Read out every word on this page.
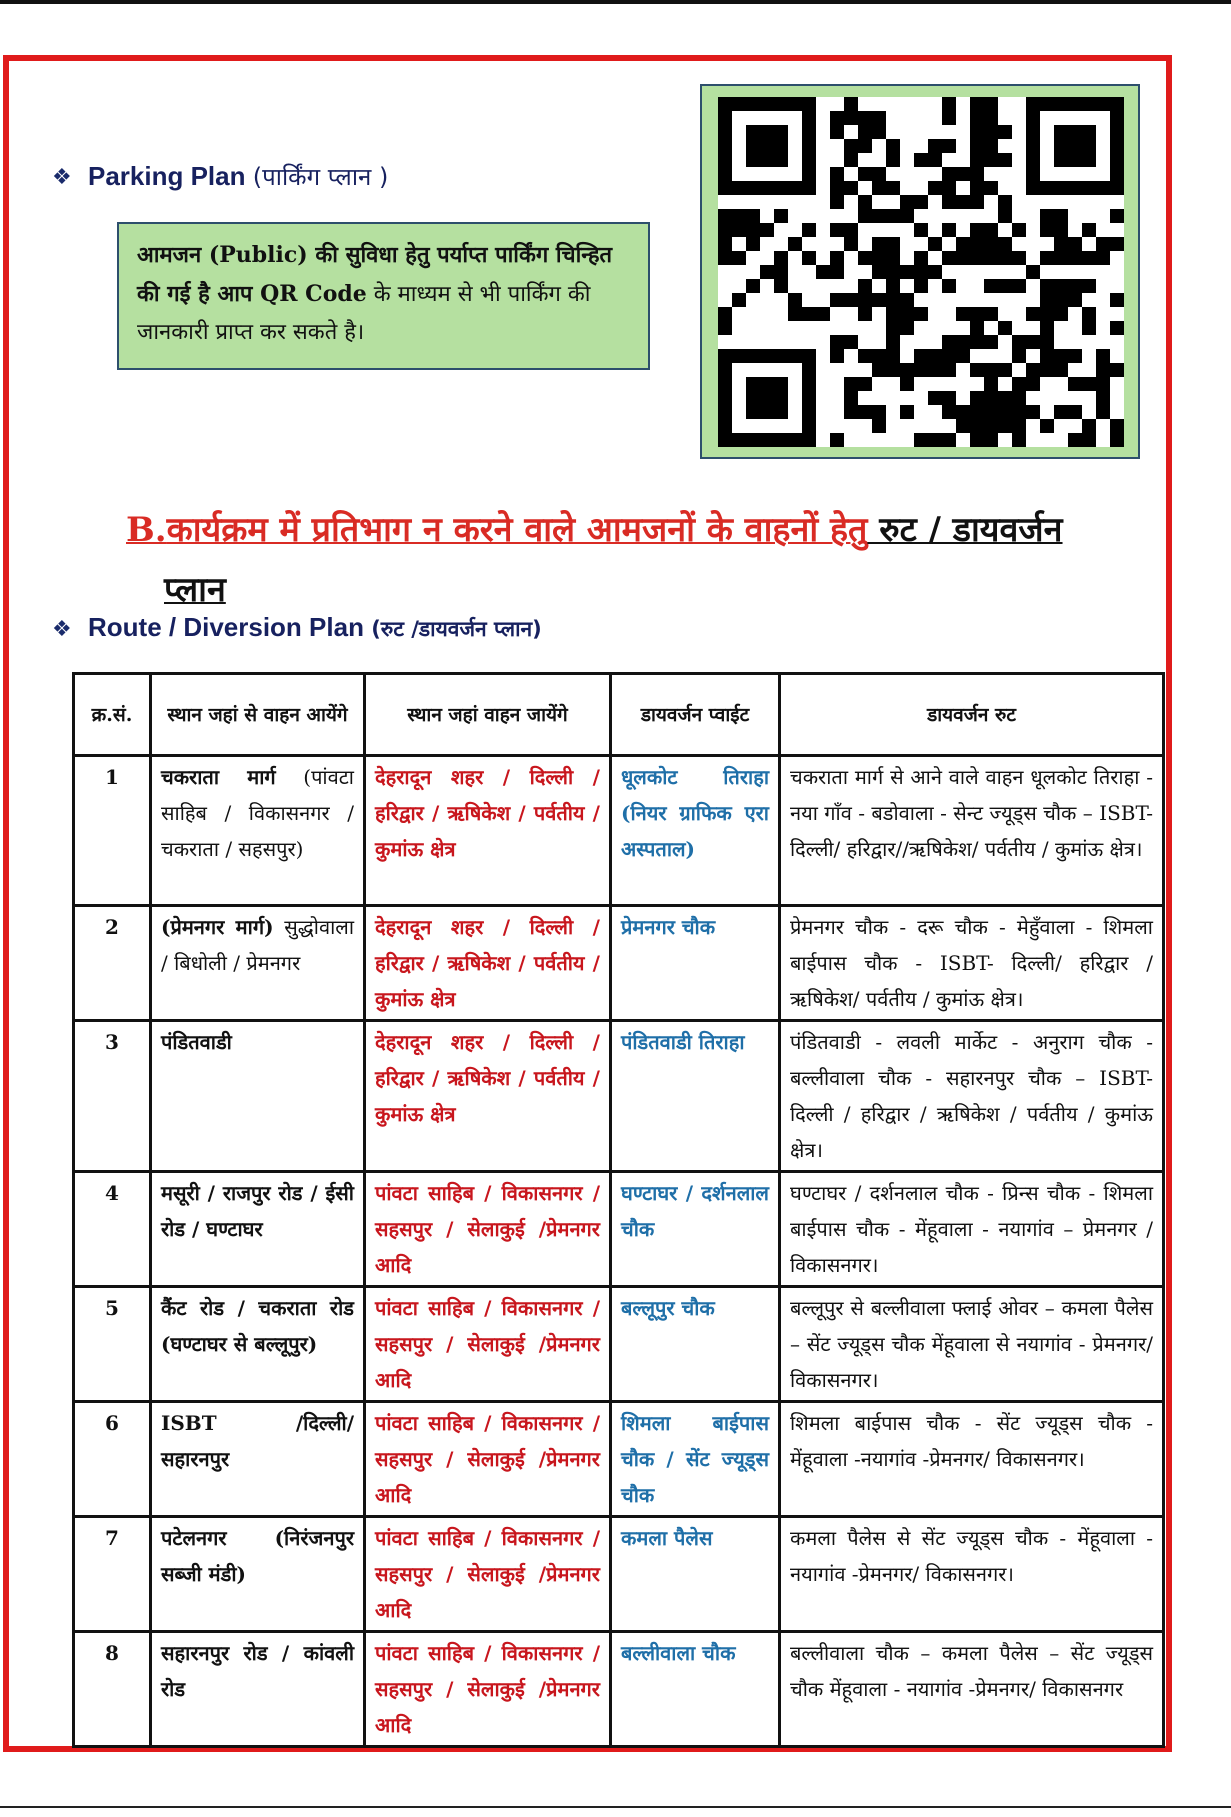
❖ Parking Plan (पार्किंग प्लान )
आमजन (Public) की सुविधा हेतु पर्याप्त पार्किंग चिन्हित की गई है आप QR Code के माध्यम से भी पार्किंग की जानकारी प्राप्त कर सकते है।
B.कार्यक्रम में प्रतिभाग न करने वाले आमजनों के वाहनों हेतु रुट / डायवर्जन
प्लान
❖ Route / Diversion Plan (रुट /डायवर्जन प्लान)
क्र.सं.	स्थान जहां से वाहन आयेंगे	स्थान जहां वाहन जायेंगे	डायवर्जन प्वाईट	डायवर्जन रुट
1	चकराता मार्ग (पांवटा साहिब / विकासनगर / चकराता / सहसपुर)	देहरादून शहर / दिल्ली / हरिद्वार / ऋषिकेश / पर्वतीय / कुमांऊ क्षेत्र	धूलकोट तिराहा (नियर ग्राफिक एरा अस्पताल)	चकराता मार्ग से आने वाले वाहन धूलकोट तिराहा - नया गाँव - बडोवाला - सेन्ट ज्यूड्स चौक – ISBT- दिल्ली/ हरिद्वार//ऋषिकेश/ पर्वतीय / कुमांऊ क्षेत्र।
2	(प्रेमनगर मार्ग) सुद्धोवाला / बिधोली / प्रेमनगर	देहरादून शहर / दिल्ली / हरिद्वार / ऋषिकेश / पर्वतीय / कुमांऊ क्षेत्र	प्रेमनगर चौक	प्रेमनगर चौक - दरू चौक - मेहुँवाला - शिमला बाईपास चौक - ISBT- दिल्ली/ हरिद्वार / ऋषिकेश/ पर्वतीय / कुमांऊ क्षेत्र।
3	पंडितवाडी	देहरादून शहर / दिल्ली / हरिद्वार / ऋषिकेश / पर्वतीय / कुमांऊ क्षेत्र	पंडितवाडी तिराहा	पंडितवाडी - लवली मार्केट - अनुराग चौक - बल्लीवाला चौक - सहारनपुर चौक – ISBT- दिल्ली / हरिद्वार / ऋषिकेश / पर्वतीय / कुमांऊ क्षेत्र।
4	मसूरी / राजपुर रोड / ईसी रोड / घण्टाघर	पांवटा साहिब / विकासनगर / सहसपुर / सेलाकुई /प्रेमनगर आदि	घण्टाघर / दर्शनलाल चौक	घण्टाघर / दर्शनलाल चौक - प्रिन्स चौक - शिमला बाईपास चौक - मेंहूवाला - नयागांव – प्रेमनगर / विकासनगर।
5	कैंट रोड / चकराता रोड (घण्टाघर से बल्लूपुर)	पांवटा साहिब / विकासनगर / सहसपुर / सेलाकुई /प्रेमनगर आदि	बल्लूपुर चौक	बल्लूपुर से बल्लीवाला फ्लाई ओवर – कमला पैलेस – सेंट ज्यूड्स चौक मेंहूवाला से नयागांव - प्रेमनगर/ विकासनगर।
6	ISBT /दिल्ली/ सहारनपुर	पांवटा साहिब / विकासनगर / सहसपुर / सेलाकुई /प्रेमनगर आदि	शिमला बाईपास चौक / सेंट ज्यूड्स चौक	शिमला बाईपास चौक - सेंट ज्यूड्स चौक - मेंहूवाला -नयागांव -प्रेमनगर/ विकासनगर।
7	पटेलनगर (निरंजनपुर सब्जी मंडी)	पांवटा साहिब / विकासनगर / सहसपुर / सेलाकुई /प्रेमनगर आदि	कमला पैलेस	कमला पैलेस से सेंट ज्यूड्स चौक - मेंहूवाला - नयागांव -प्रेमनगर/ विकासनगर।
8	सहारनपुर रोड / कांवली रोड	पांवटा साहिब / विकासनगर / सहसपुर / सेलाकुई /प्रेमनगर आदि	बल्लीवाला चौक	बल्लीवाला चौक – कमला पैलेस – सेंट ज्यूड्स चौक मेंहूवाला - नयागांव -प्रेमनगर/ विकासनगर
